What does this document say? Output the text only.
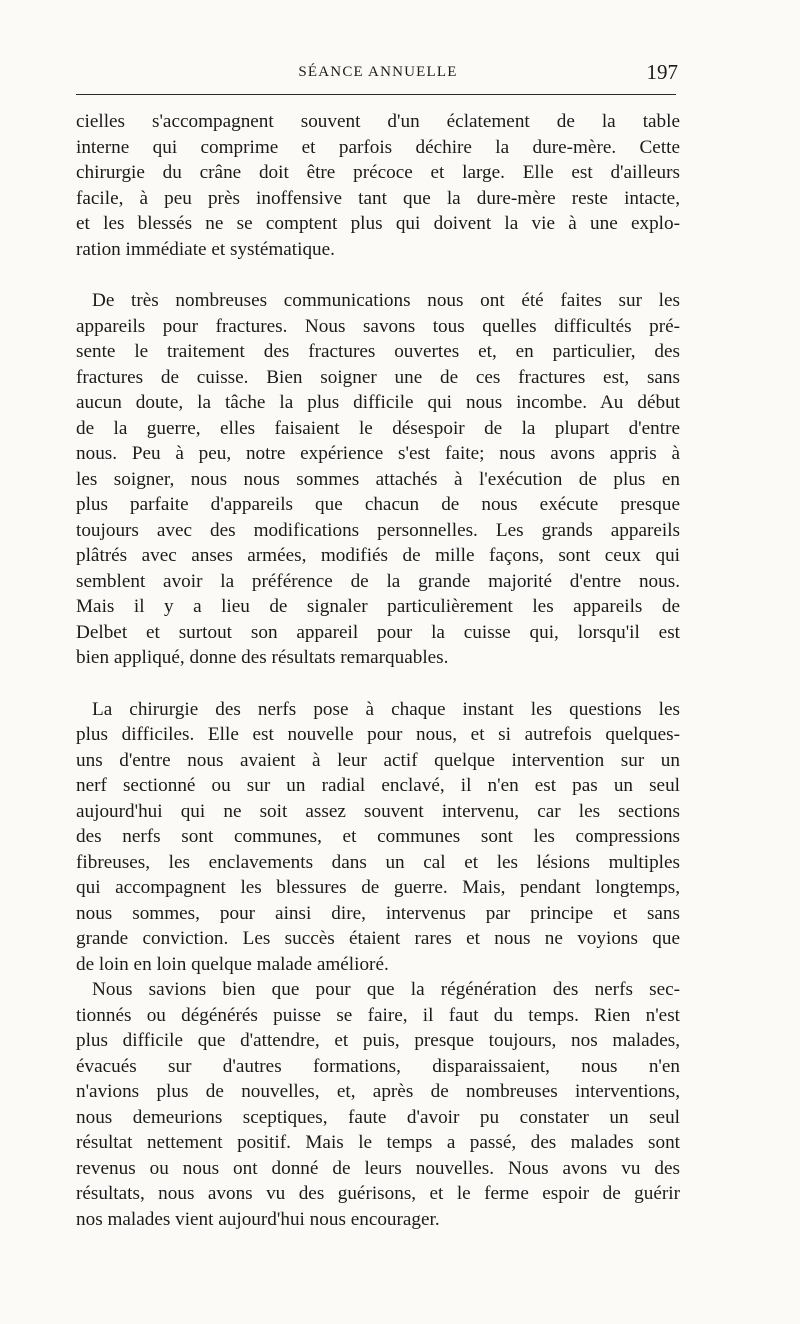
SÉANCE ANNUELLE	197
cielles s'accompagnent souvent d'un éclatement de la table
interne qui comprime et parfois déchire la dure-mère. Cette
chirurgie du crâne doit être précoce et large. Elle est d'ailleurs
facile, à peu près inoffensive tant que la dure-mère reste intacte,
et les blessés ne se comptent plus qui doivent la vie à une explo-
ration immédiate et systématique.
De très nombreuses communications nous ont été faites sur les
appareils pour fractures. Nous savons tous quelles difficultés pré-
sente le traitement des fractures ouvertes et, en particulier, des
fractures de cuisse. Bien soigner une de ces fractures est, sans
aucun doute, la tâche la plus difficile qui nous incombe. Au début
de la guerre, elles faisaient le désespoir de la plupart d'entre
nous. Peu à peu, notre expérience s'est faite; nous avons appris à
les soigner, nous nous sommes attachés à l'exécution de plus en
plus parfaite d'appareils que chacun de nous exécute presque
toujours avec des modifications personnelles. Les grands appareils
plâtrés avec anses armées, modifiés de mille façons, sont ceux qui
semblent avoir la préférence de la grande majorité d'entre nous.
Mais il y a lieu de signaler particulièrement les appareils de
Delbet et surtout son appareil pour la cuisse qui, lorsqu'il est
bien appliqué, donne des résultats remarquables.
La chirurgie des nerfs pose à chaque instant les questions les
plus difficiles. Elle est nouvelle pour nous, et si autrefois quelques-
uns d'entre nous avaient à leur actif quelque intervention sur un
nerf sectionné ou sur un radial enclavé, il n'en est pas un seul
aujourd'hui qui ne soit assez souvent intervenu, car les sections
des nerfs sont communes, et communes sont les compressions
fibreuses, les enclavements dans un cal et les lésions multiples
qui accompagnent les blessures de guerre. Mais, pendant longtemps,
nous sommes, pour ainsi dire, intervenus par principe et sans
grande conviction. Les succès étaient rares et nous ne voyions que
de loin en loin quelque malade amélioré.
Nous savions bien que pour que la régénération des nerfs sec-
tionnés ou dégénérés puisse se faire, il faut du temps. Rien n'est
plus difficile que d'attendre, et puis, presque toujours, nos malades,
évacués sur d'autres formations, disparaissaient, nous n'en
n'avions plus de nouvelles, et, après de nombreuses interventions,
nous demeurions sceptiques, faute d'avoir pu constater un seul
résultat nettement positif. Mais le temps a passé, des malades sont
revenus ou nous ont donné de leurs nouvelles. Nous avons vu des
résultats, nous avons vu des guérisons, et le ferme espoir de guérir
nos malades vient aujourd'hui nous encourager.
